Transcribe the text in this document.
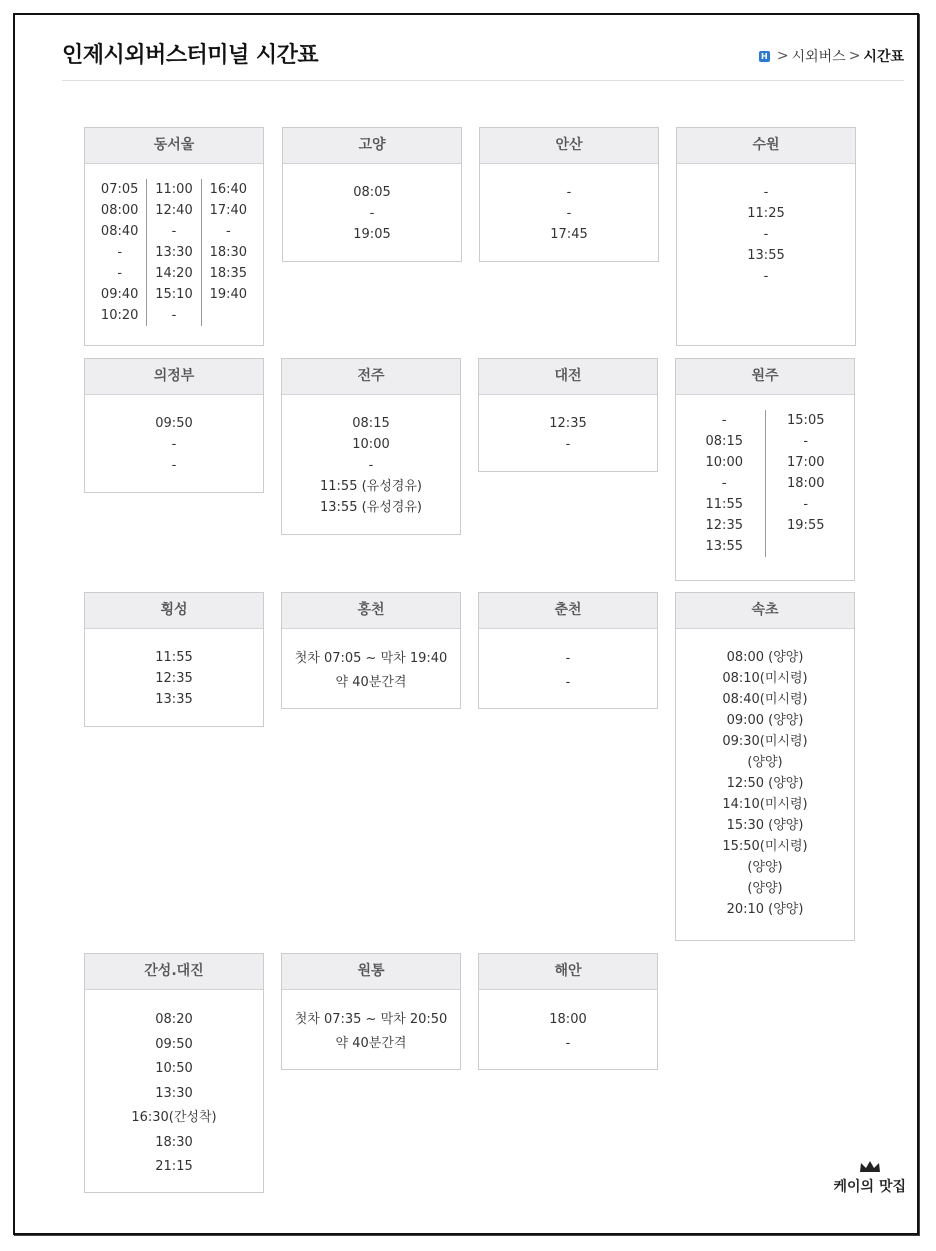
인제시외버스터미널 시간표	H > 시외버스 > 시간표
동서울
07:05
08:00
08:40
-
-
09:40
10:20
11:00
12:40
-
13:30
14:20
15:10
-
16:40
17:40
-
18:30
18:35
19:40
고양
08:05
-
19:05
안산
-
-
17:45
수원
-
11:25
-
13:55
-
의정부
09:50
-
-
전주
08:15
10:00
-
11:55 (유성경유)
13:55 (유성경유)
대전
12:35
-
원주
-
08:15
10:00
-
11:55
12:35
13:55
15:05
-
17:00
18:00
-
19:55
횡성
11:55
12:35
13:35
홍천
첫차 07:05 ~ 막차 19:40
약 40분간격
춘천
-
-
속초
08:00 (양양)
08:10(미시령)
08:40(미시령)
09:00 (양양)
09:30(미시령)
(양양)
12:50 (양양)
14:10(미시령)
15:30 (양양)
15:50(미시령)
(양양)
(양양)
20:10 (양양)
간성.대진
08:20
09:50
10:50
13:30
16:30(간성착)
18:30
21:15
원통
첫차 07:35 ~ 막차 20:50
약 40분간격
해안
18:00
-
케이의 맛집
